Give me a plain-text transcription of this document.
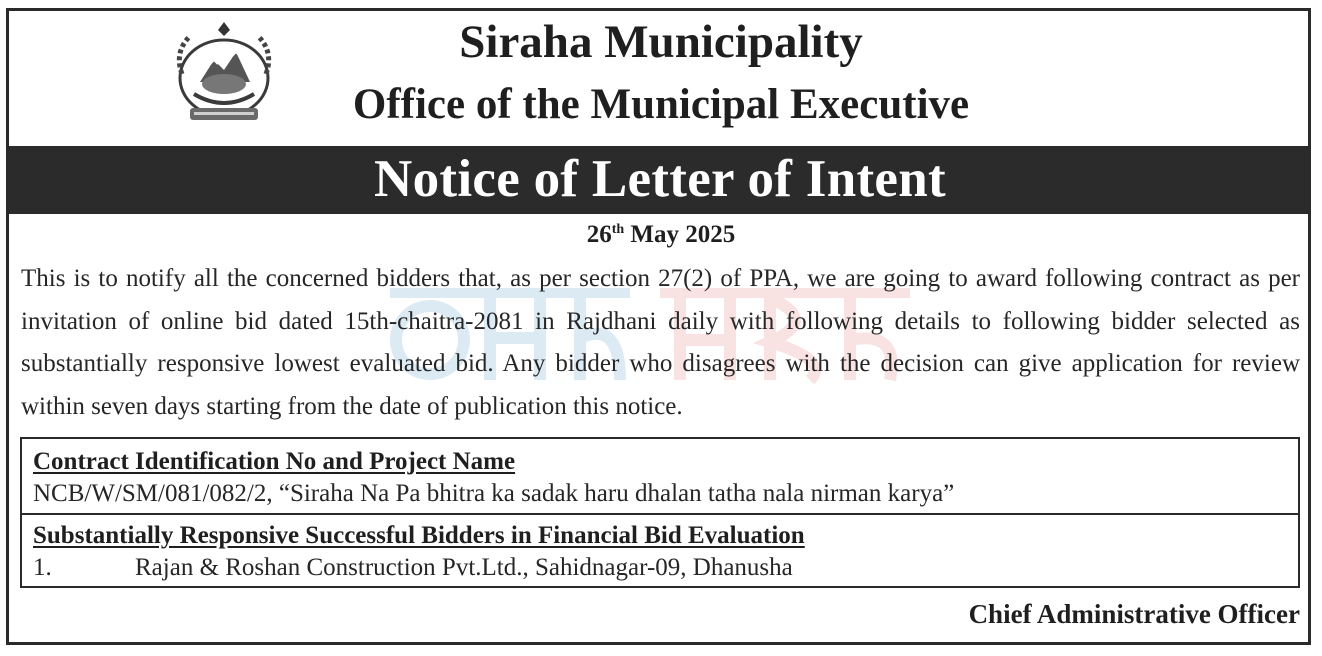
Siraha Municipality
Office of the Municipal Executive
Notice of Letter of Intent
26th May 2025
This is to notify all the concerned bidders that, as per section 27(2) of PPA, we are going to award following contract as per invitation of online bid dated 15th-chaitra-2081 in Rajdhani daily with following details to following bidder selected as substantially responsive lowest evaluated bid. Any bidder who disagrees with the decision can give application for review within seven days starting from the date of publication this notice.
Contract Identification No and Project Name
NCB/W/SM/081/082/2, “Siraha Na Pa bhitra ka sadak haru dhalan tatha nala nirman karya”
Substantially Responsive Successful Bidders in Financial Bid Evaluation
1.	Rajan & Roshan Construction Pvt.Ltd., Sahidnagar-09, Dhanusha
Chief Administrative Officer
